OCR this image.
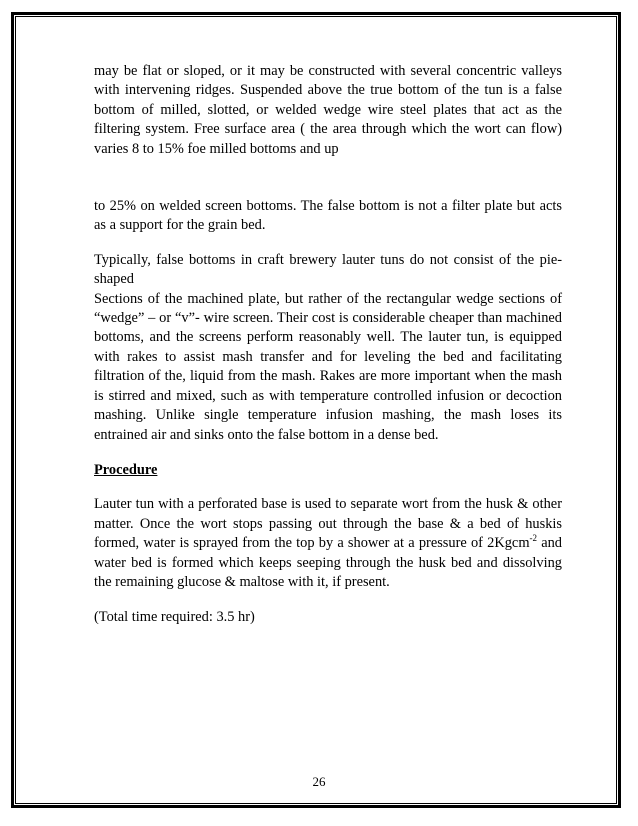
may be flat or sloped, or it may be constructed with several concentric valleys with intervening ridges. Suspended above the true bottom of the tun is a false bottom of milled, slotted, or welded wedge wire steel plates that act as the filtering system. Free surface area ( the area through which the wort can flow) varies 8 to 15% foe milled bottoms and up

to 25% on welded screen bottoms. The false bottom is not a filter plate but acts as a support for the grain bed.

Typically, false bottoms in craft brewery lauter tuns do not consist of the pie-shaped

Sections of the machined plate, but rather of the rectangular wedge sections of “wedge” – or “v”- wire screen. Their cost is considerable cheaper than machined bottoms, and the screens perform reasonably well. The lauter tun, is equipped with rakes to assist mash transfer and for leveling the bed and facilitating filtration of the, liquid from the mash. Rakes are more important when the mash is stirred and mixed, such as with temperature controlled infusion or decoction mashing. Unlike single temperature infusion mashing, the mash loses its entrained air and sinks onto the false bottom in a dense bed.

Procedure

Lauter tun with a perforated base is used to separate wort from the husk & other matter. Once the wort stops passing out through the base & a bed of huskis formed, water is sprayed from the top by a shower at a pressure of 2Kgcm$^{-2}$ and water bed is formed which keeps seeping through the husk bed and dissolving the remaining glucose & maltose with it, if present.

(Total time required: 3.5 hr)

26
